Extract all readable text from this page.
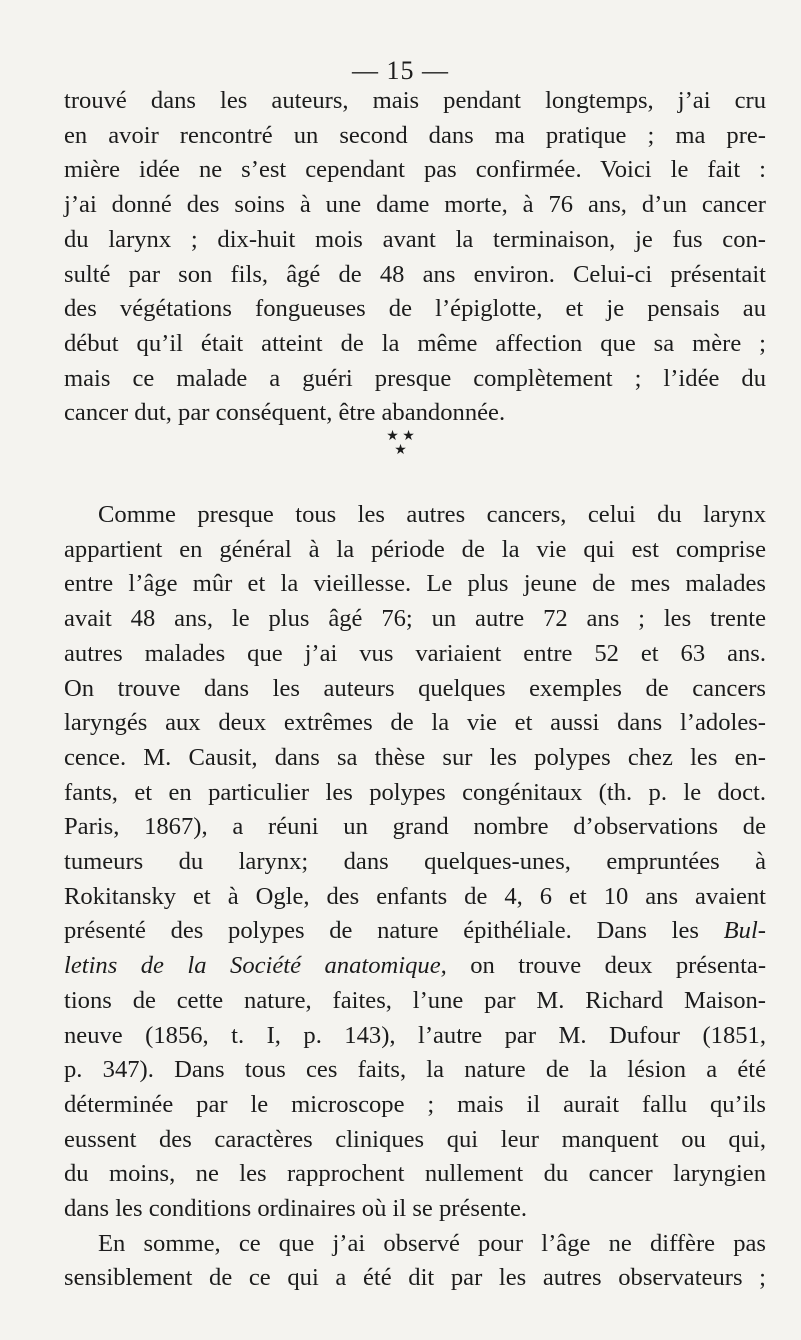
— 15 —
trouvé dans les auteurs, mais pendant longtemps, j’ai cru
en avoir rencontré un second dans ma pratique ; ma pre-
mière idée ne s’est cependant pas confirmée. Voici le fait :
j’ai donné des soins à une dame morte, à 76 ans, d’un cancer
du larynx ; dix-huit mois avant la terminaison, je fus con-
sulté par son fils, âgé de 48 ans environ. Celui-ci présentait
des végétations fongueuses de l’épiglotte, et je pensais au
début qu’il était atteint de la même affection que sa mère ;
mais ce malade a guéri presque complètement ; l’idée du
cancer dut, par conséquent, être abandonnée.
★ ★
★
Comme presque tous les autres cancers, celui du larynx
appartient en général à la période de la vie qui est comprise
entre l’âge mûr et la vieillesse. Le plus jeune de mes malades
avait 48 ans, le plus âgé 76; un autre 72 ans ; les trente
autres malades que j’ai vus variaient entre 52 et 63 ans.
On trouve dans les auteurs quelques exemples de cancers
laryngés aux deux extrêmes de la vie et aussi dans l’adoles-
cence. M. Causit, dans sa thèse sur les polypes chez les en-
fants, et en particulier les polypes congénitaux (th. p. le doct.
Paris, 1867), a réuni un grand nombre d’observations de
tumeurs du larynx; dans quelques-unes, empruntées à
Rokitansky et à Ogle, des enfants de 4, 6 et 10 ans avaient
présenté des polypes de nature épithéliale. Dans les Bul-
letins de la Société anatomique, on trouve deux présenta-
tions de cette nature, faites, l’une par M. Richard Maison-
neuve (1856, t. I, p. 143), l’autre par M. Dufour (1851,
p. 347). Dans tous ces faits, la nature de la lésion a été
déterminée par le microscope ; mais il aurait fallu qu’ils
eussent des caractères cliniques qui leur manquent ou qui,
du moins, ne les rapprochent nullement du cancer laryngien
dans les conditions ordinaires où il se présente.
En somme, ce que j’ai observé pour l’âge ne diffère pas
sensiblement de ce qui a été dit par les autres observateurs ;
